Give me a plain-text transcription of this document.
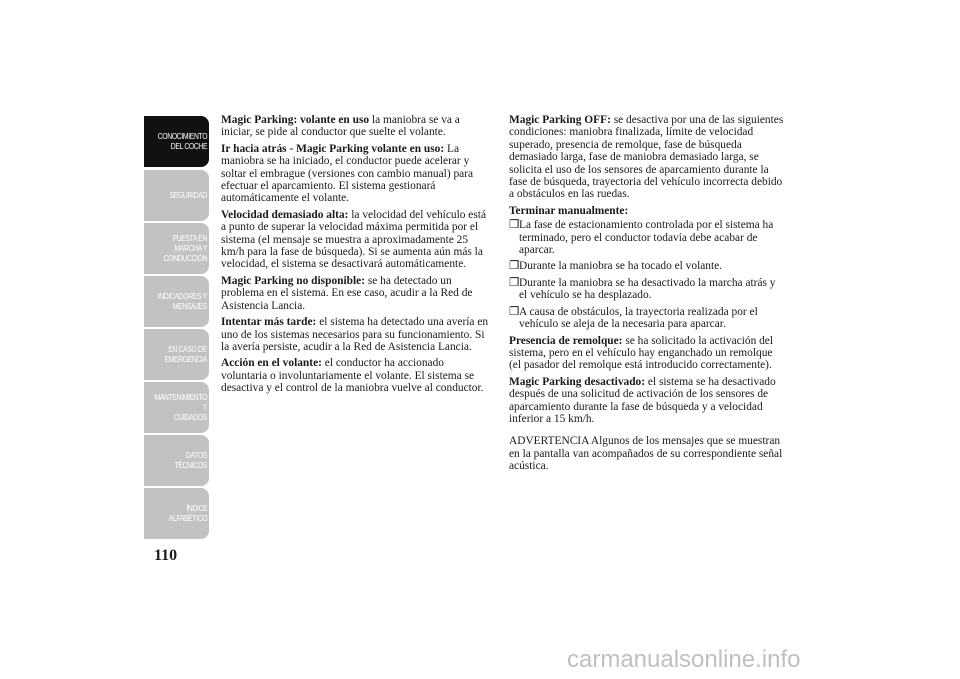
CONOCIMIENTO
DEL COCHE
SEGURIDAD
PUESTA EN
MARCHA Y
CONDUCCIÓN
INDICADORES Y
MENSAJES
EN CASO DE
EMERGENCIA
MANTENIMIENTO Y
CUIDADOS
DATOS TÉCNICOS
ÍNDICE
ALFABÉTICO
110

Magic Parking: volante en uso la maniobra se va a iniciar, se pide al conductor que suelte el volante.

Ir hacia atrás - Magic Parking volante en uso: La maniobra se ha iniciado, el conductor puede acelerar y soltar el embrague (versiones con cambio manual) para efectuar el aparcamiento. El sistema gestionará automáticamente el volante.

Velocidad demasiado alta: la velocidad del vehículo está a punto de superar la velocidad máxima permitida por el sistema (el mensaje se muestra a aproximadamente 25 km/h para la fase de búsqueda). Si se aumenta aún más la velocidad, el sistema se desactivará automáticamente.

Magic Parking no disponible: se ha detectado un problema en el sistema. En ese caso, acudir a la Red de Asistencia Lancia.

Intentar más tarde: el sistema ha detectado una avería en uno de los sistemas necesarios para su funcionamiento. Si la avería persiste, acudir a la Red de Asistencia Lancia.

Acción en el volante: el conductor ha accionado voluntaria o involuntariamente el volante. El sistema se desactiva y el control de la maniobra vuelve al conductor.

Magic Parking OFF: se desactiva por una de las siguientes condiciones: maniobra finalizada, límite de velocidad superado, presencia de remolque, fase de búsqueda demasiado larga, fase de maniobra demasiado larga, se solicita el uso de los sensores de aparcamiento durante la fase de búsqueda, trayectoria del vehículo incorrecta debido a obstáculos en las ruedas.

Terminar manualmente:

❐La fase de estacionamiento controlada por el sistema ha terminado, pero el conductor todavía debe acabar de aparcar.

❐Durante la maniobra se ha tocado el volante.

❐Durante la maniobra se ha desactivado la marcha atrás y el vehículo se ha desplazado.

❐A causa de obstáculos, la trayectoria realizada por el vehículo se aleja de la necesaria para aparcar.

Presencia de remolque: se ha solicitado la activación del sistema, pero en el vehículo hay enganchado un remolque (el pasador del remolque está introducido correctamente).

Magic Parking desactivado: el sistema se ha desactivado después de una solicitud de activación de los sensores de aparcamiento durante la fase de búsqueda y a velocidad inferior a 15 km/h.

ADVERTENCIA Algunos de los mensajes que se muestran en la pantalla van acompañados de su correspondiente señal acústica.

carmanualsonline.info
